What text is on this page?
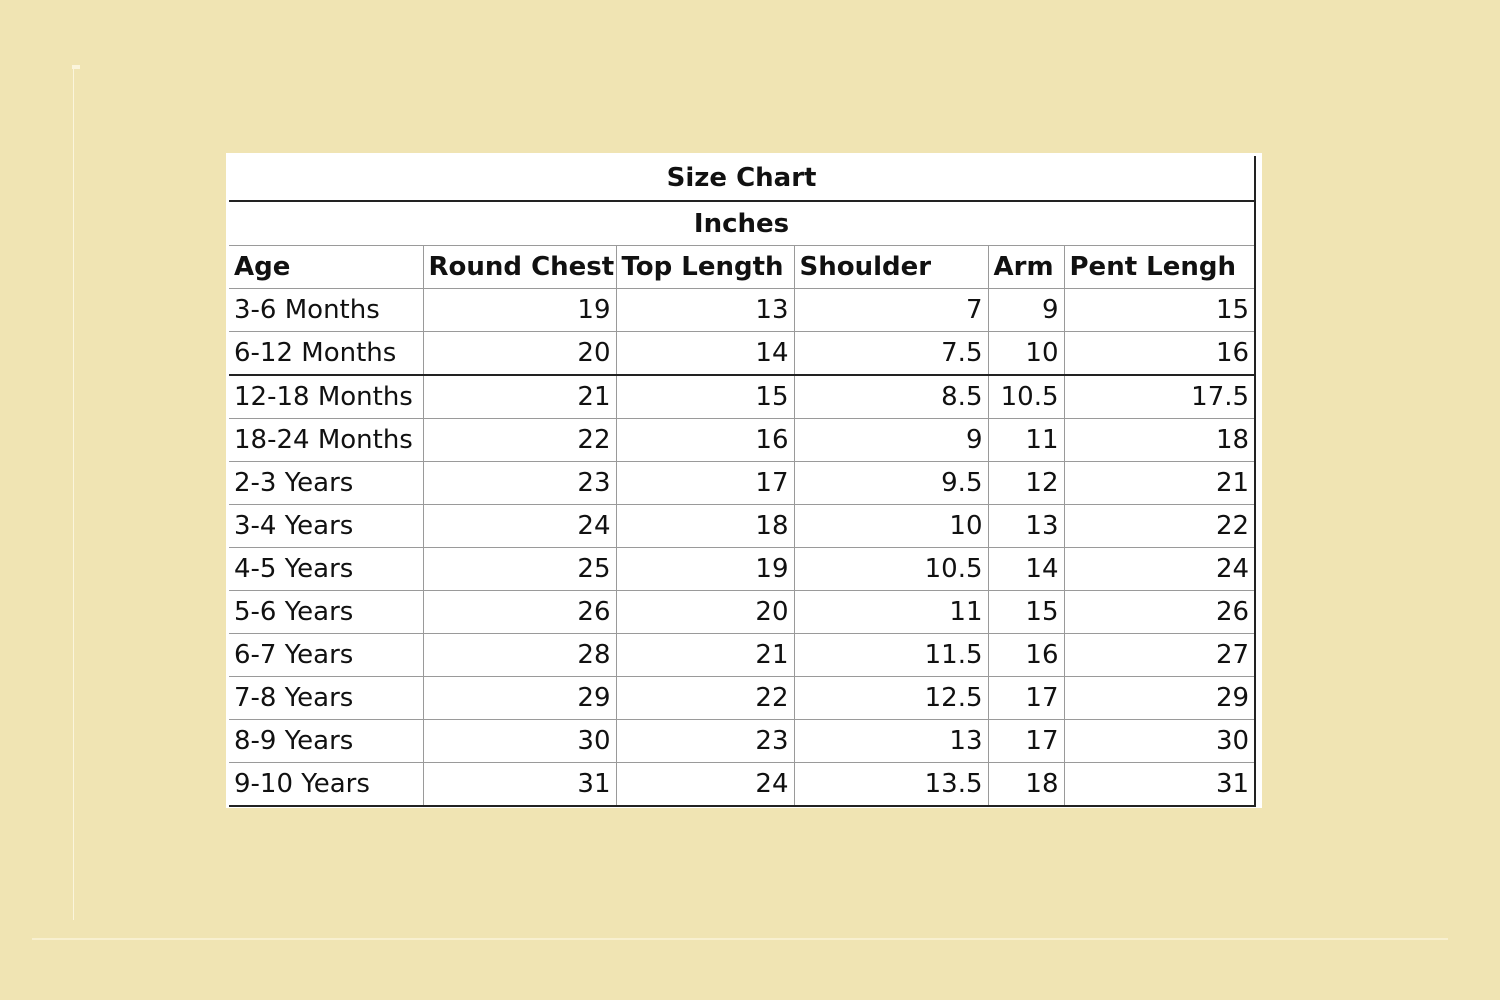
Size Chart					
Inches					
Age	Round Chest	Top Length	Shoulder	Arm	Pent Lengh
3-6 Months	19	13	7	9	15
6-12 Months	20	14	7.5	10	16
12-18 Months	21	15	8.5	10.5	17.5
18-24 Months	22	16	9	11	18
2-3 Years	23	17	9.5	12	21
3-4 Years	24	18	10	13	22
4-5 Years	25	19	10.5	14	24
5-6 Years	26	20	11	15	26
6-7 Years	28	21	11.5	16	27
7-8 Years	29	22	12.5	17	29
8-9 Years	30	23	13	17	30
9-10 Years	31	24	13.5	18	31
